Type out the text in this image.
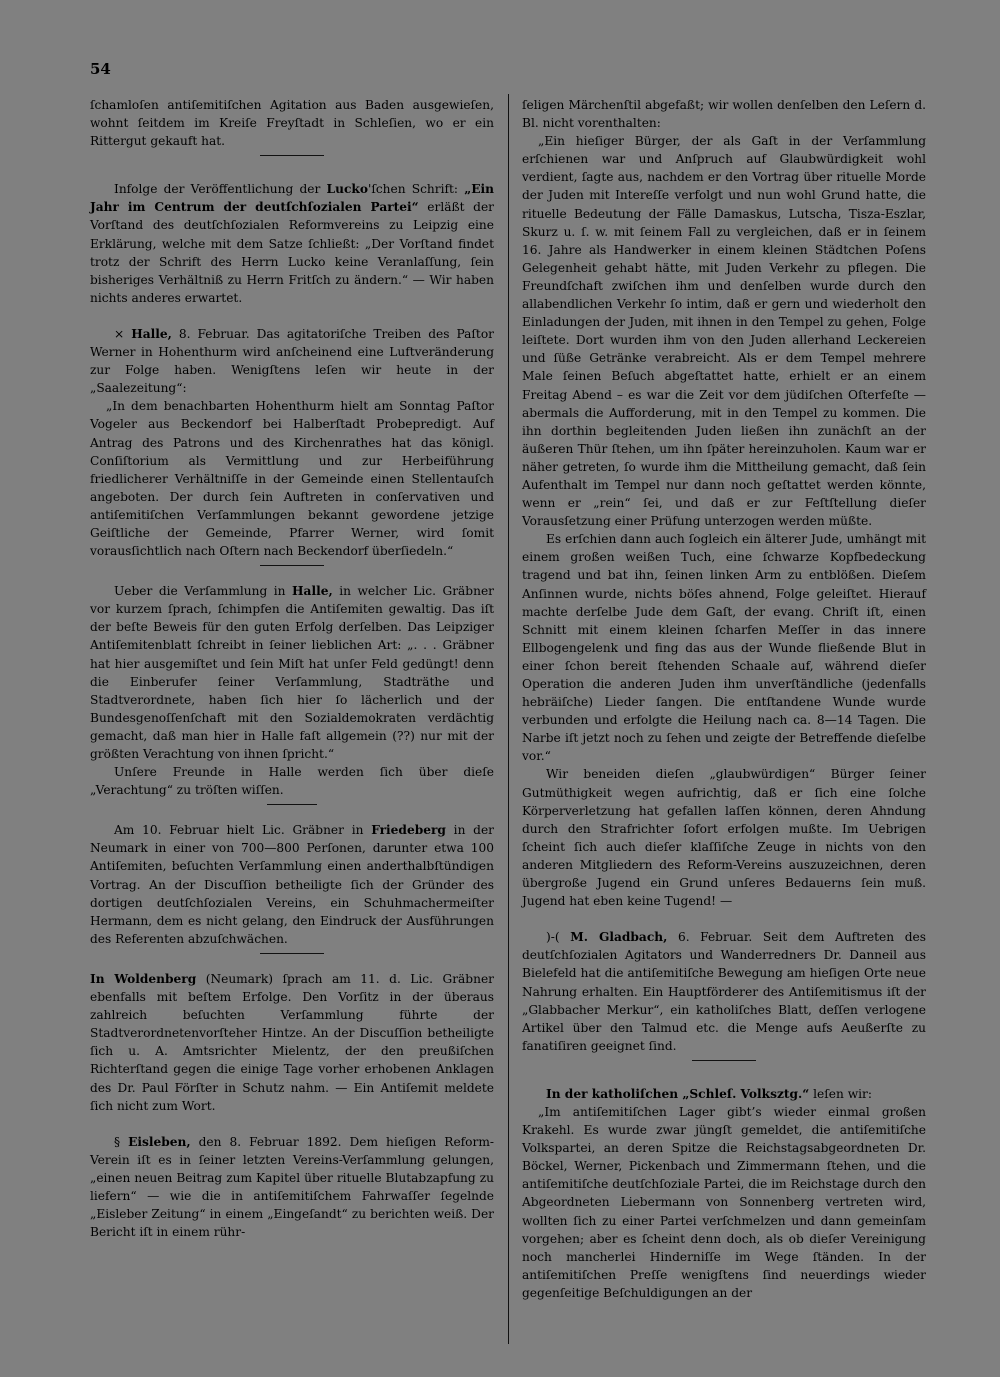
54

ſchamloſen antiſemitiſchen Agitation aus Baden ausgewieſen, wohnt ſeitdem im Kreiſe Freyſtadt in Schleſien, wo er ein Rittergut gekauft hat.

Infolge der Veröffentlichung der Lucko'ſchen Schrift: „Ein Jahr im Centrum der deutſchſozialen Partei“ erläßt der Vorſtand des deutſchſozialen Reformvereins zu Leipzig eine Erklärung, welche mit dem Satze ſchließt: „Der Vorſtand findet trotz der Schrift des Herrn Lucko keine Veranlaſſung, ſein bisheriges Verhältniß zu Herrn Fritſch zu ändern.“ — Wir haben nichts anderes erwartet.

× Halle, 8. Februar. Das agitatoriſche Treiben des Paſtor Werner in Hohenthurm wird anſcheinend eine Luftveränderung zur Folge haben. Wenigſtens leſen wir heute in der „Saalezeitung“:

„In dem benachbarten Hohenthurm hielt am Sonntag Paſtor Vogeler aus Beckendorf bei Halberſtadt Probepredigt. Auf Antrag des Patrons und des Kirchenrathes hat das königl. Conſiſtorium als Vermittlung und zur Herbeiführung friedlicherer Verhältniſſe in der Gemeinde einen Stellentauſch angeboten. Der durch ſein Auftreten in conſervativen und antiſemitiſchen Verſammlungen bekannt gewordene jetzige Geiſtliche der Gemeinde, Pfarrer Werner, wird ſomit vorausſichtlich nach Oſtern nach Beckendorf überſiedeln.“

Ueber die Verſammlung in Halle, in welcher Lic. Gräbner vor kurzem ſprach, ſchimpfen die Antiſemiten gewaltig. Das iſt der beſte Beweis für den guten Erfolg derſelben. Das Leipziger Antiſemitenblatt ſchreibt in ſeiner lieblichen Art: „. . . Gräbner hat hier ausgemiſtet und ſein Miſt hat unſer Feld gedüngt! denn die Einberufer ſeiner Verſammlung, Stadträthe und Stadtverordnete, haben ſich hier ſo lächerlich und der Bundesgenoſſenſchaft mit den Sozialdemokraten verdächtig gemacht, daß man hier in Halle faſt allgemein (??) nur mit der größten Verachtung von ihnen ſpricht.“

Unſere Freunde in Halle werden ſich über dieſe „Verachtung“ zu tröſten wiſſen.

Am 10. Februar hielt Lic. Gräbner in Friedeberg in der Neumark in einer von 700—800 Perſonen, darunter etwa 100 Antiſemiten, beſuchten Verſammlung einen anderthalbſtündigen Vortrag. An der Discuſſion betheiligte ſich der Gründer des dortigen deutſchſozialen Vereins, ein Schuhmachermeiſter Hermann, dem es nicht gelang, den Eindruck der Ausführungen des Referenten abzuſchwächen.

In Woldenberg (Neumark) ſprach am 11. d. Lic. Gräbner ebenfalls mit beſtem Erfolge. Den Vorſitz in der überaus zahlreich beſuchten Verſammlung führte der Stadtverordnetenvorſteher Hintze. An der Discuſſion betheiligte ſich u. A. Amtsrichter Mielentz, der den preußiſchen Richterſtand gegen die einige Tage vorher erhobenen Anklagen des Dr. Paul Förſter in Schutz nahm. — Ein Antiſemit meldete ſich nicht zum Wort.

§ Eisleben, den 8. Februar 1892. Dem hieſigen Reform-Verein iſt es in ſeiner letzten Vereins-Verſammlung gelungen, „einen neuen Beitrag zum Kapitel über rituelle Blutabzapfung zu liefern“ — wie die in antiſemitiſchem Fahrwaſſer ſegelnde „Eisleber Zeitung“ in einem „Eingeſandt“ zu berichten weiß. Der Bericht iſt in einem rühr-

ſeligen Märchenſtil abgefaßt; wir wollen denſelben den Leſern d. Bl. nicht vorenthalten:

„Ein hieſiger Bürger, der als Gaſt in der Verſammlung erſchienen war und Anſpruch auf Glaubwürdigkeit wohl verdient, ſagte aus, nachdem er den Vortrag über rituelle Morde der Juden mit Intereſſe verfolgt und nun wohl Grund hatte, die rituelle Bedeutung der Fälle Damaskus, Lutscha, Tisza-Eszlar, Skurz u. ſ. w. mit ſeinem Fall zu vergleichen, daß er in ſeinem 16. Jahre als Handwerker in einem kleinen Städtchen Poſens Gelegenheit gehabt hätte, mit Juden Verkehr zu pflegen. Die Freundſchaft zwiſchen ihm und denſelben wurde durch den allabendlichen Verkehr ſo intim, daß er gern und wiederholt den Einladungen der Juden, mit ihnen in den Tempel zu gehen, Folge leiſtete. Dort wurden ihm von den Juden allerhand Leckereien und ſüße Getränke verabreicht. Als er dem Tempel mehrere Male ſeinen Beſuch abgeſtattet hatte, erhielt er an einem Freitag Abend – es war die Zeit vor dem jüdiſchen Oſterfeſte — abermals die Aufforderung, mit in den Tempel zu kommen. Die ihn dorthin begleitenden Juden ließen ihn zunächſt an der äußeren Thür ſtehen, um ihn ſpäter hereinzuholen. Kaum war er näher getreten, ſo wurde ihm die Mittheilung gemacht, daß ſein Aufenthalt im Tempel nur dann noch geſtattet werden könnte, wenn er „rein“ ſei, und daß er zur Feſtſtellung dieſer Vorausſetzung einer Prüfung unterzogen werden müßte.

Es erſchien dann auch ſogleich ein älterer Jude, umhängt mit einem großen weißen Tuch, eine ſchwarze Kopfbedeckung tragend und bat ihn, ſeinen linken Arm zu entblößen. Dieſem Anſinnen wurde, nichts böſes ahnend, Folge geleiſtet. Hierauf machte derſelbe Jude dem Gaſt, der evang. Chriſt iſt, einen Schnitt mit einem kleinen ſcharfen Meſſer in das innere Ellbogengelenk und fing das aus der Wunde fließende Blut in einer ſchon bereit ſtehenden Schaale auf, während dieſer Operation die anderen Juden ihm unverſtändliche (jedenfalls hebräiſche) Lieder ſangen. Die entſtandene Wunde wurde verbunden und erfolgte die Heilung nach ca. 8—14 Tagen. Die Narbe iſt jetzt noch zu ſehen und zeigte der Betreffende dieſelbe vor.“

Wir beneiden dieſen „glaubwürdigen“ Bürger ſeiner Gutmüthigkeit wegen aufrichtig, daß er ſich eine ſolche Körperverletzung hat gefallen laſſen können, deren Ahndung durch den Strafrichter ſofort erfolgen mußte. Im Uebrigen ſcheint ſich auch dieſer klaſſiſche Zeuge in nichts von den anderen Mitgliedern des Reform-Vereins auszuzeichnen, deren übergroße Jugend ein Grund unſeres Bedauerns ſein muß. Jugend hat eben keine Tugend! —

)-( M. Gladbach, 6. Februar. Seit dem Auftreten des deutſchſozialen Agitators und Wanderredners Dr. Danneil aus Bielefeld hat die antiſemitiſche Bewegung am hieſigen Orte neue Nahrung erhalten. Ein Hauptförderer des Antiſemitismus iſt der „Glabbacher Merkur“, ein katholiſches Blatt, deſſen verlogene Artikel über den Talmud etc. die Menge aufs Aeußerſte zu fanatiſiren geeignet ſind.

In der katholiſchen „Schleſ. Volksztg.“ leſen wir:

„Im antiſemitiſchen Lager gibt’s wieder einmal großen Krakehl. Es wurde zwar jüngſt gemeldet, die antiſemitiſche Volkspartei, an deren Spitze die Reichstagsabgeordneten Dr. Böckel, Werner, Pickenbach und Zimmermann ſtehen, und die antiſemitiſche deutſchſoziale Partei, die im Reichstage durch den Abgeordneten Liebermann von Sonnenberg vertreten wird, wollten ſich zu einer Partei verſchmelzen und dann gemeinſam vorgehen; aber es ſcheint denn doch, als ob dieſer Vereinigung noch mancherlei Hinderniſſe im Wege ſtänden. In der antiſemitiſchen Preſſe wenigſtens ſind neuerdings wieder gegenſeitige Beſchuldigungen an der
